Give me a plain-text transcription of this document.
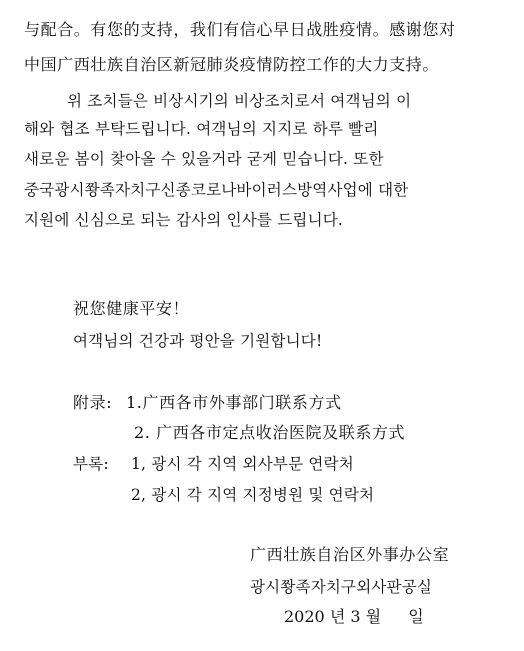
与配合。有您的支持，我们有信心早日战胜疫情。感谢您对
中国广西壮族自治区新冠肺炎疫情防控工作的大力支持。
위 조치들은 비상시기의 비상조치로서 여객님의 이
해와 협조 부탁드립니다. 여객님의 지지로 하루 빨리
새로운 봄이 찾아올 수 있을거라 굳게 믿습니다. 또한
중국광시쫭족자치구신종코로나바이러스방역사업에 대한
지원에 신심으로 되는 감사의 인사를 드립니다.
祝您健康平安！
여객님의 건강과 평안을 기원합니다!
附录: 1.广西各市外事部门联系方式
2. 广西各市定点收治医院及联系方式
부록: 1, 광시 각 지역 외사부문 연락처
2, 광시 각 지역 지정병원 및 연락처
广西壮族自治区外事办公室
광시쫭족자치구외사판공실
2020 년 3 월 일
